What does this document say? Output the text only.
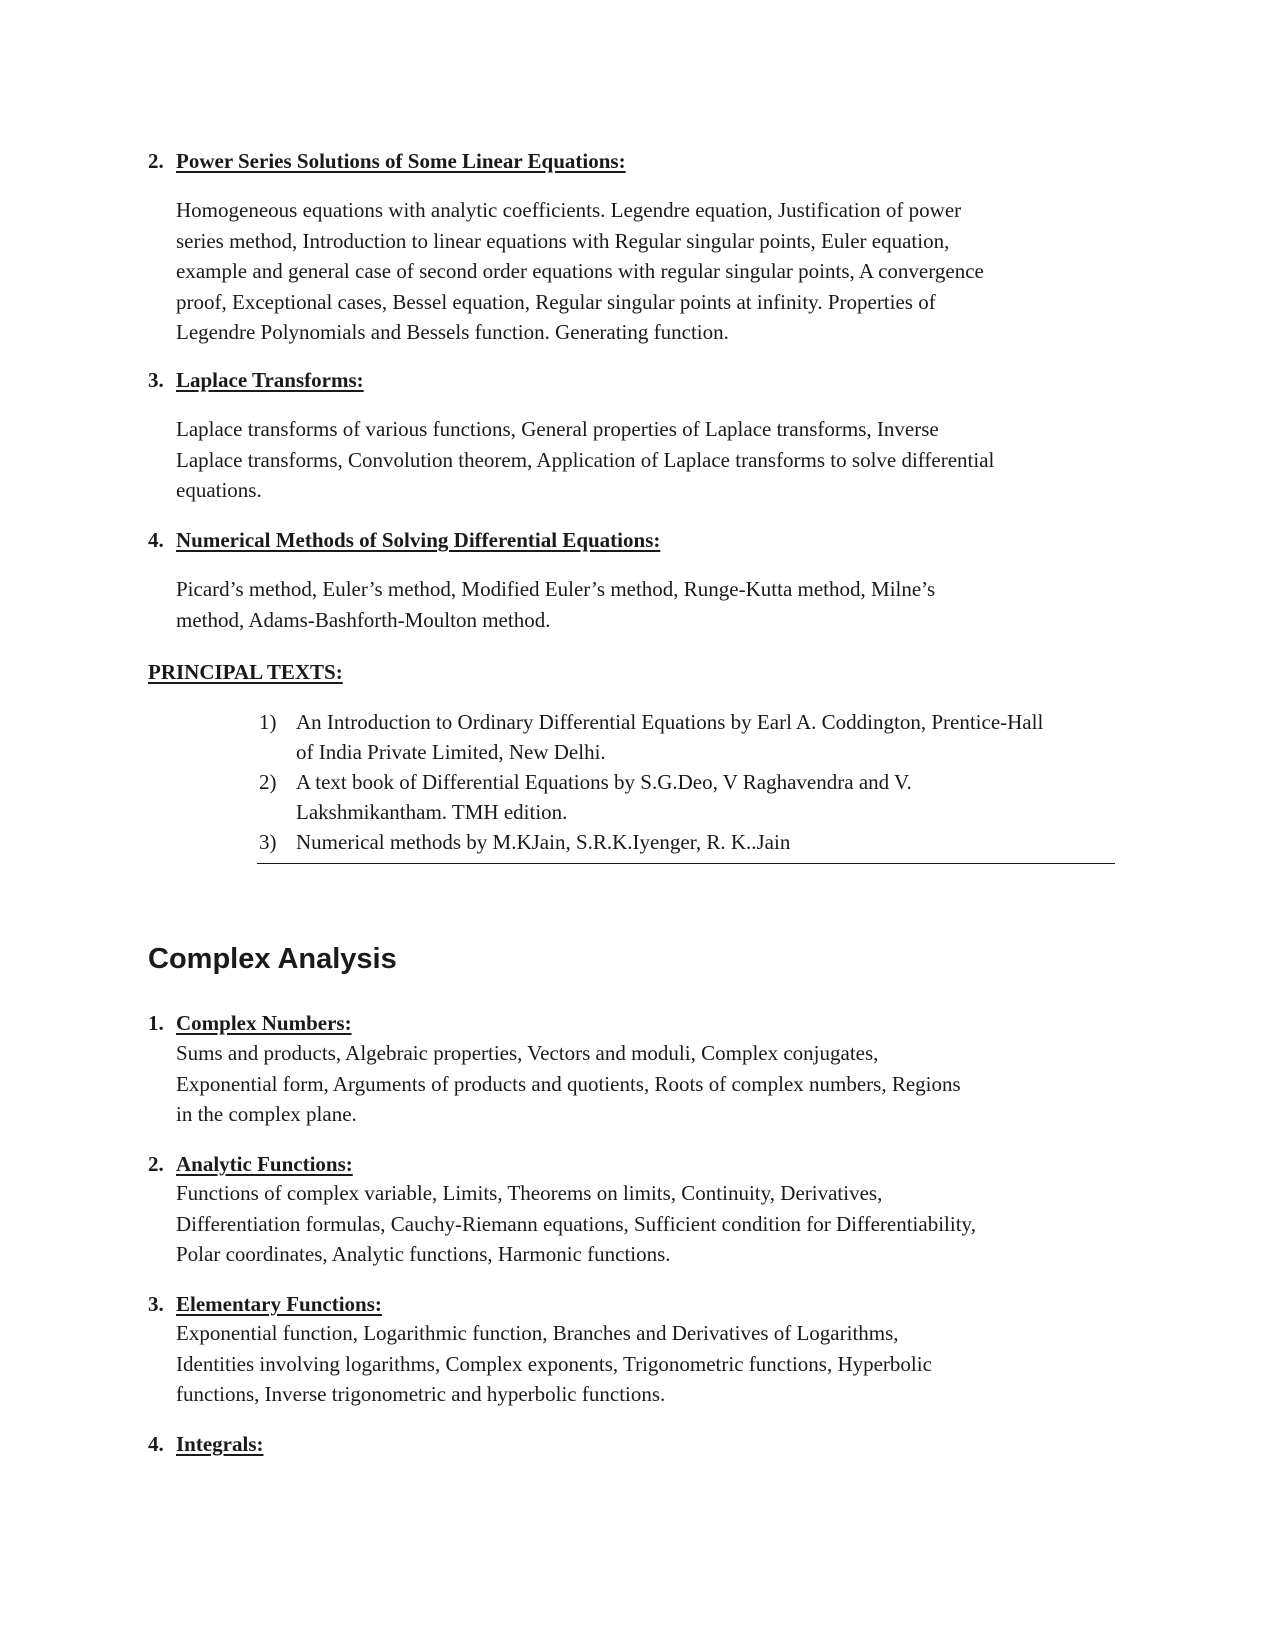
2. Power Series Solutions of Some Linear Equations:
Homogeneous equations with analytic coefficients. Legendre equation, Justification of power
series method, Introduction to linear equations with Regular singular points, Euler equation,
example and general case of second order equations with regular singular points, A convergence
proof, Exceptional cases, Bessel equation, Regular singular points at infinity. Properties of
Legendre Polynomials and Bessels function. Generating function.
3. Laplace Transforms:
Laplace transforms of various functions, General properties of Laplace transforms, Inverse
Laplace transforms, Convolution theorem, Application of Laplace transforms to solve differential
equations.
4. Numerical Methods of Solving Differential Equations:
Picard’s method, Euler’s method, Modified Euler’s method, Runge-Kutta method, Milne’s
method, Adams-Bashforth-Moulton method.
PRINCIPAL TEXTS:
1) An Introduction to Ordinary Differential Equations by Earl A. Coddington, Prentice-Hall
of India Private Limited, New Delhi.
2) A text book of Differential Equations by S.G.Deo, V Raghavendra and V.
Lakshmikantham. TMH edition.
3) Numerical methods by M.KJain, S.R.K.Iyenger, R. K..Jain
Complex Analysis
1. Complex Numbers:
Sums and products, Algebraic properties, Vectors and moduli, Complex conjugates,
Exponential form, Arguments of products and quotients, Roots of complex numbers, Regions
in the complex plane.
2. Analytic Functions:
Functions of complex variable, Limits, Theorems on limits, Continuity, Derivatives,
Differentiation formulas, Cauchy-Riemann equations, Sufficient condition for Differentiability,
Polar coordinates, Analytic functions, Harmonic functions.
3. Elementary Functions:
Exponential function, Logarithmic function, Branches and Derivatives of Logarithms,
Identities involving logarithms, Complex exponents, Trigonometric functions, Hyperbolic
functions, Inverse trigonometric and hyperbolic functions.
4. Integrals:
